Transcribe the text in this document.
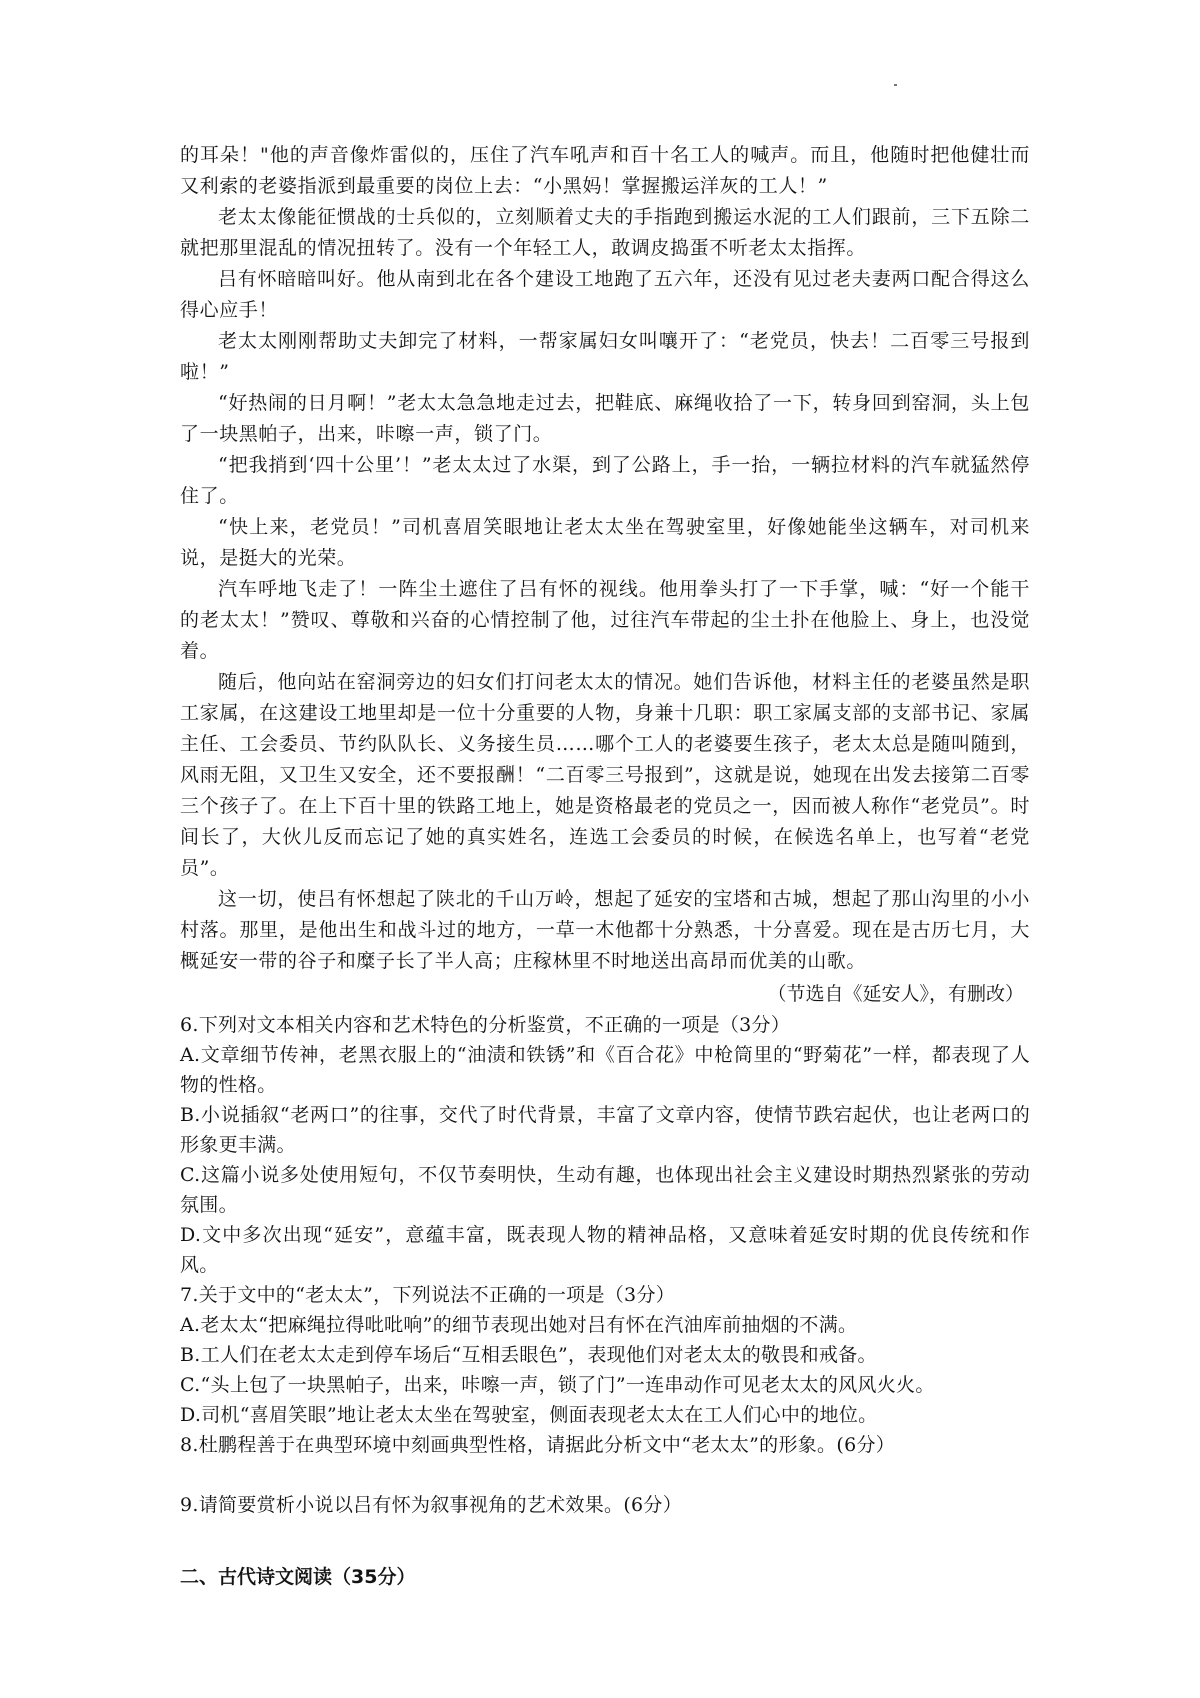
的耳朵！"他的声音像炸雷似的，压住了汽车吼声和百十名工人的喊声。而且，他随时把他健壮而又利索的老婆指派到最重要的岗位上去：“小黑妈！掌握搬运洋灰的工人！”

老太太像能征惯战的士兵似的，立刻顺着丈夫的手指跑到搬运水泥的工人们跟前，三下五除二就把那里混乱的情况扭转了。没有一个年轻工人，敢调皮捣蛋不听老太太指挥。

吕有怀暗暗叫好。他从南到北在各个建设工地跑了五六年，还没有见过老夫妻两口配合得这么得心应手！

老太太刚刚帮助丈夫卸完了材料，一帮家属妇女叫嚷开了：“老党员，快去！二百零三号报到啦！”

“好热闹的日月啊！”老太太急急地走过去，把鞋底、麻绳收拾了一下，转身回到窑洞，头上包了一块黑帕子，出来，咔嚓一声，锁了门。

“把我捎到‘四十公里’！”老太太过了水渠，到了公路上，手一抬，一辆拉材料的汽车就猛然停住了。

“快上来，老党员！”司机喜眉笑眼地让老太太坐在驾驶室里，好像她能坐这辆车，对司机来说，是挺大的光荣。

汽车呼地飞走了！一阵尘土遮住了吕有怀的视线。他用拳头打了一下手掌，喊：“好一个能干的老太太！”赞叹、尊敬和兴奋的心情控制了他，过往汽车带起的尘土扑在他脸上、身上，也没觉着。

随后，他向站在窑洞旁边的妇女们打问老太太的情况。她们告诉他，材料主任的老婆虽然是职工家属，在这建设工地里却是一位十分重要的人物，身兼十几职：职工家属支部的支部书记、家属主任、工会委员、节约队队长、义务接生员……哪个工人的老婆要生孩子，老太太总是随叫随到，风雨无阻，又卫生又安全，还不要报酬！“二百零三号报到”，这就是说，她现在出发去接第二百零三个孩子了。在上下百十里的铁路工地上，她是资格最老的党员之一，因而被人称作“老党员”。时间长了，大伙儿反而忘记了她的真实姓名，连选工会委员的时候，在候选名单上，也写着“老党员”。

这一切，使吕有怀想起了陕北的千山万岭，想起了延安的宝塔和古城，想起了那山沟里的小小村落。那里，是他出生和战斗过的地方，一草一木他都十分熟悉，十分喜爱。现在是古历七月，大概延安一带的谷子和糜子长了半人高；庄稼林里不时地送出高昂而优美的山歌。

（节选自《延安人》，有删改）

6.下列对文本相关内容和艺术特色的分析鉴赏，不正确的一项是（3分）

A.文章细节传神，老黑衣服上的“油渍和铁锈”和《百合花》中枪筒里的“野菊花”一样，都表现了人物的性格。

B.小说插叙“老两口”的往事，交代了时代背景，丰富了文章内容，使情节跌宕起伏，也让老两口的形象更丰满。

C.这篇小说多处使用短句，不仅节奏明快，生动有趣，也体现出社会主义建设时期热烈紧张的劳动氛围。

D.文中多次出现“延安”，意蕴丰富，既表现人物的精神品格，又意味着延安时期的优良传统和作风。

7.关于文中的“老太太”，下列说法不正确的一项是（3分）

A.老太太“把麻绳拉得吡吡响”的细节表现出她对吕有怀在汽油库前抽烟的不满。

B.工人们在老太太走到停车场后“互相丢眼色”，表现他们对老太太的敬畏和戒备。

C.“头上包了一块黑帕子，出来，咔嚓一声，锁了门”一连串动作可见老太太的风风火火。

D.司机“喜眉笑眼”地让老太太坐在驾驶室，侧面表现老太太在工人们心中的地位。

8.杜鹏程善于在典型环境中刻画典型性格，请据此分析文中“老太太”的形象。(6分）

9.请简要赏析小说以吕有怀为叙事视角的艺术效果。(6分）

二、古代诗文阅读（35分）
